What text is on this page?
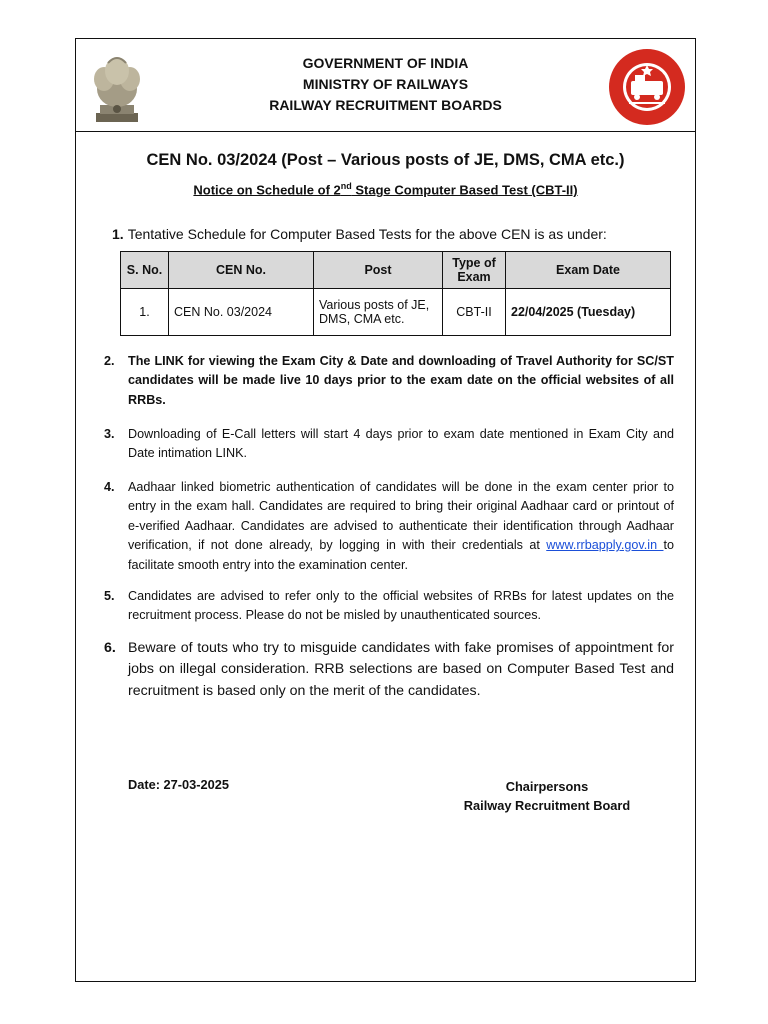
GOVERNMENT OF INDIA
MINISTRY OF RAILWAYS
RAILWAY RECRUITMENT BOARDS
CEN No. 03/2024 (Post – Various posts of JE, DMS, CMA etc.)
Notice on Schedule of 2nd Stage Computer Based Test (CBT-II)
1. Tentative Schedule for Computer Based Tests for the above CEN is as under:
S. No.	CEN No.	Post	Type of Exam	Exam Date
1.	CEN No. 03/2024	Various posts of JE, DMS, CMA etc.	CBT-II	22/04/2025 (Tuesday)
2. The LINK for viewing the Exam City & Date and downloading of Travel Authority for SC/ST candidates will be made live 10 days prior to the exam date on the official websites of all RRBs.
3. Downloading of E-Call letters will start 4 days prior to exam date mentioned in Exam City and Date intimation LINK.
4. Aadhaar linked biometric authentication of candidates will be done in the exam center prior to entry in the exam hall. Candidates are required to bring their original Aadhaar card or printout of e-verified Aadhaar. Candidates are advised to authenticate their identification through Aadhaar verification, if not done already, by logging in with their credentials at www.rrbapply.gov.in to facilitate smooth entry into the examination center.
5. Candidates are advised to refer only to the official websites of RRBs for latest updates on the recruitment process. Please do not be misled by unauthenticated sources.
6. Beware of touts who try to misguide candidates with fake promises of appointment for jobs on illegal consideration. RRB selections are based on Computer Based Test and recruitment is based only on the merit of the candidates.
Date: 27-03-2025	Chairpersons
Railway Recruitment Board
